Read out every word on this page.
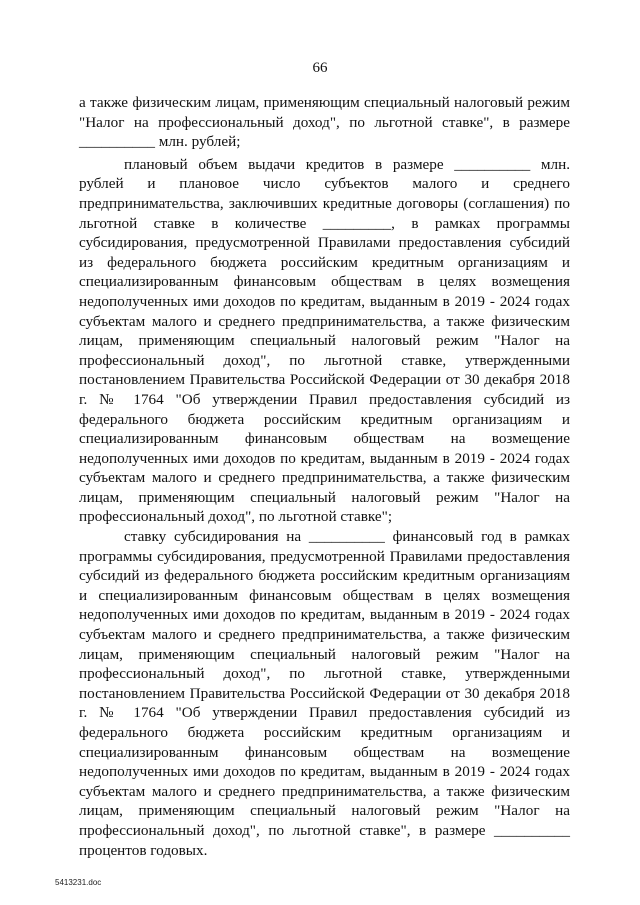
66

а также физическим лицам, применяющим специальный налоговый режим "Налог на профессиональный доход", по льготной ставке", в размере __________ млн. рублей;

плановый объем выдачи кредитов в размере __________ млн. рублей и плановое число субъектов малого и среднего предпринимательства, заключивших кредитные договоры (соглашения) по льготной ставке в количестве _________, в рамках программы субсидирования, предусмотренной Правилами предоставления субсидий из федерального бюджета российским кредитным организациям и специализированным финансовым обществам в целях возмещения недополученных ими доходов по кредитам, выданным в 2019 - 2024 годах субъектам малого и среднего предпринимательства, а также физическим лицам, применяющим специальный налоговый режим "Налог на профессиональный доход", по льготной ставке, утвержденными постановлением Правительства Российской Федерации от 30 декабря 2018 г. № 1764 "Об утверждении Правил предоставления субсидий из федерального бюджета российским кредитным организациям и специализированным финансовым обществам на возмещение недополученных ими доходов по кредитам, выданным в 2019 - 2024 годах субъектам малого и среднего предпринимательства, а также физическим лицам, применяющим специальный налоговый режим "Налог на профессиональный доход", по льготной ставке";

ставку субсидирования на __________ финансовый год в рамках программы субсидирования, предусмотренной Правилами предоставления субсидий из федерального бюджета российским кредитным организациям и специализированным финансовым обществам в целях возмещения недополученных ими доходов по кредитам, выданным в 2019 - 2024 годах субъектам малого и среднего предпринимательства, а также физическим лицам, применяющим специальный налоговый режим "Налог на профессиональный доход", по льготной ставке, утвержденными постановлением Правительства Российской Федерации от 30 декабря 2018 г. № 1764 "Об утверждении Правил предоставления субсидий из федерального бюджета российским кредитным организациям и специализированным финансовым обществам на возмещение недополученных ими доходов по кредитам, выданным в 2019 - 2024 годах субъектам малого и среднего предпринимательства, а также физическим лицам, применяющим специальный налоговый режим "Налог на профессиональный доход", по льготной ставке", в размере __________ процентов годовых.

5413231.doc
